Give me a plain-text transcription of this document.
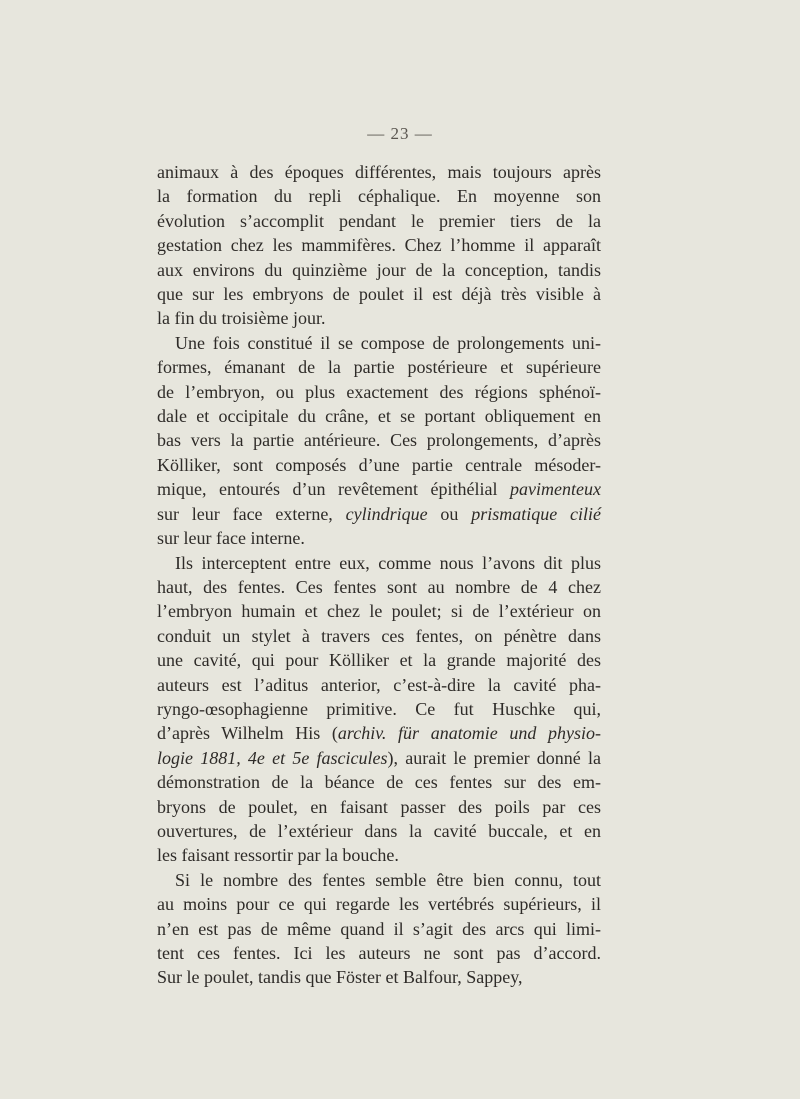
— 23 —
animaux à des époques différentes, mais toujours après
la formation du repli céphalique. En moyenne son
évolution s’accomplit pendant le premier tiers de la
gestation chez les mammifères. Chez l’homme il apparaît
aux environs du quinzième jour de la conception, tandis
que sur les embryons de poulet il est déjà très visible à
la fin du troisième jour.
Une fois constitué il se compose de prolongements uni-
formes, émanant de la partie postérieure et supérieure
de l’embryon, ou plus exactement des régions sphénoï-
dale et occipitale du crâne, et se portant obliquement en
bas vers la partie antérieure. Ces prolongements, d’après
Kölliker, sont composés d’une partie centrale mésoder-
mique, entourés d’un revêtement épithélial pavimenteux
sur leur face externe, cylindrique ou prismatique cilié
sur leur face interne.
Ils interceptent entre eux, comme nous l’avons dit plus
haut, des fentes. Ces fentes sont au nombre de 4 chez
l’embryon humain et chez le poulet; si de l’extérieur on
conduit un stylet à travers ces fentes, on pénètre dans
une cavité, qui pour Kölliker et la grande majorité des
auteurs est l’aditus anterior, c’est-à-dire la cavité pha-
ryngo-œsophagienne primitive. Ce fut Huschke qui,
d’après Wilhelm His (archiv. für anatomie und physio-
logie 1881, 4e et 5e fascicules), aurait le premier donné la
démonstration de la béance de ces fentes sur des em-
bryons de poulet, en faisant passer des poils par ces
ouvertures, de l’extérieur dans la cavité buccale, et en
les faisant ressortir par la bouche.
Si le nombre des fentes semble être bien connu, tout
au moins pour ce qui regarde les vertébrés supérieurs, il
n’en est pas de même quand il s’agit des arcs qui limi-
tent ces fentes. Ici les auteurs ne sont pas d’accord.
Sur le poulet, tandis que Föster et Balfour, Sappey,
